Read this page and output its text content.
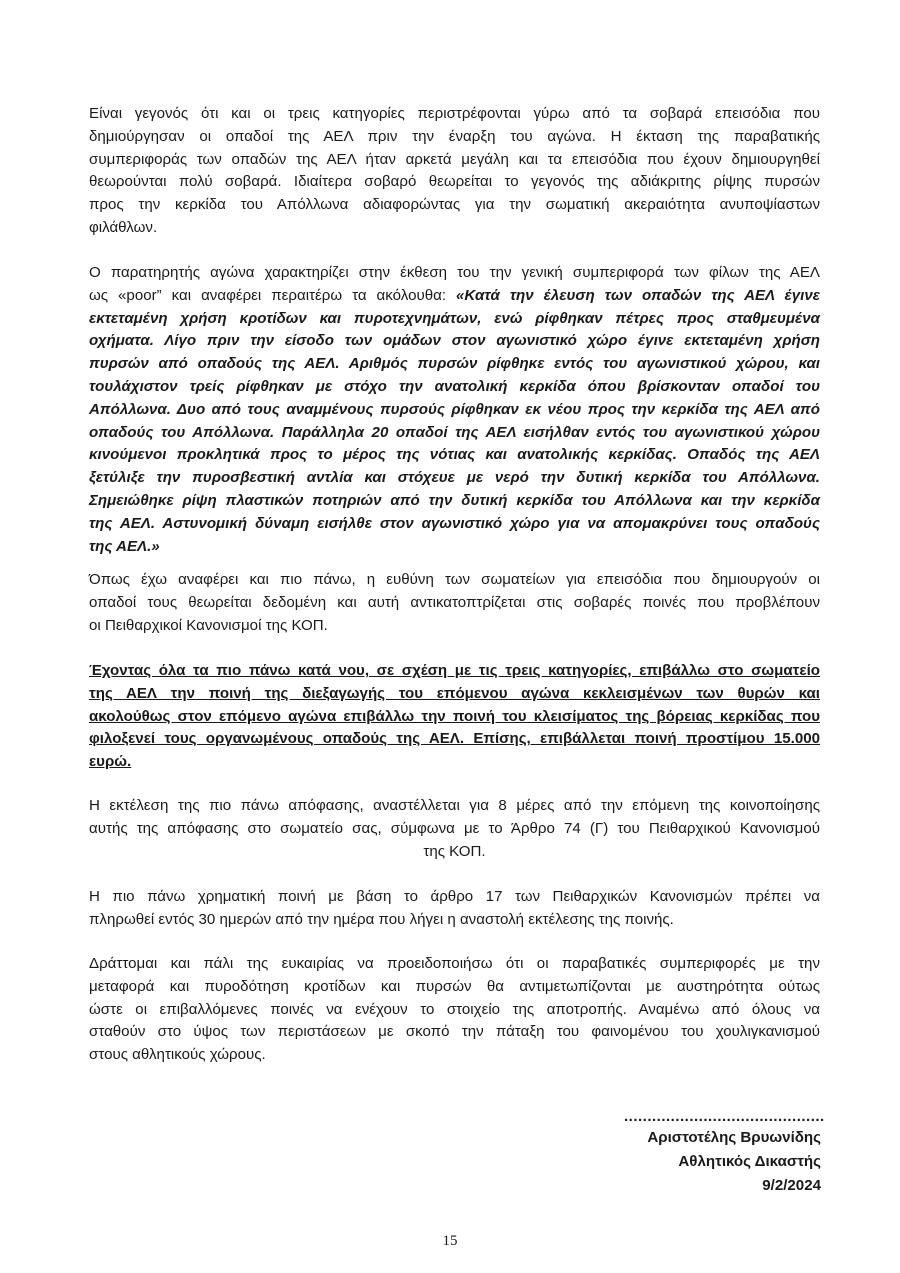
Είναι γεγονός ότι και οι τρεις κατηγορίες περιστρέφονται γύρω από τα σοβαρά επεισόδια που
δημιούργησαν οι οπαδοί της ΑΕΛ πριν την έναρξη του αγώνα. Η έκταση της παραβατικής
συμπεριφοράς των οπαδών της ΑΕΛ ήταν αρκετά μεγάλη και τα επεισόδια που έχουν δημιουργηθεί
θεωρούνται πολύ σοβαρά. Ιδιαίτερα σοβαρό θεωρείται το γεγονός της αδιάκριτης ρίψης πυρσών
προς την κερκίδα του Απόλλωνα αδιαφορώντας για την σωματική ακεραιότητα ανυποψίαστων
φιλάθλων.
Ο παρατηρητής αγώνα χαρακτηρίζει στην έκθεση του την γενική συμπεριφορά των φίλων της ΑΕΛ
ως «poor” και αναφέρει περαιτέρω τα ακόλουθα: «Κατά την έλευση των οπαδών της ΑΕΛ έγινε
εκτεταμένη χρήση κροτίδων και πυροτεχνημάτων, ενώ ρίφθηκαν πέτρες προς σταθμευμένα
οχήματα. Λίγο πριν την είσοδο των ομάδων στον αγωνιστικό χώρο έγινε εκτεταμένη χρήση
πυρσών από οπαδούς της ΑΕΛ. Αριθμός πυρσών ρίφθηκε εντός του αγωνιστικού χώρου, και
τουλάχιστον τρείς ρίφθηκαν με στόχο την ανατολική κερκίδα όπου βρίσκονταν οπαδοί του
Απόλλωνα. Δυο από τους αναμμένους πυρσούς ρίφθηκαν εκ νέου προς την κερκίδα της ΑΕΛ από
οπαδούς του Απόλλωνα. Παράλληλα 20 οπαδοί της ΑΕΛ εισήλθαν εντός του αγωνιστικού χώρου
κινούμενοι προκλητικά προς το μέρος της νότιας και ανατολικής κερκίδας. Οπαδός της ΑΕΛ
ξετύλιξε την πυροσβεστική αντλία και στόχευε με νερό την δυτική κερκίδα του Απόλλωνα.
Σημειώθηκε ρίψη πλαστικών ποτηριών από την δυτική κερκίδα του Απόλλωνα και την κερκίδα
της ΑΕΛ. Αστυνομική δύναμη εισήλθε στον αγωνιστικό χώρο για να απομακρύνει τους οπαδούς
της ΑΕΛ.»
Όπως έχω αναφέρει και πιο πάνω, η ευθύνη των σωματείων για επεισόδια που δημιουργούν οι
οπαδοί τους θεωρείται δεδομένη και αυτή αντικατοπτρίζεται στις σοβαρές ποινές που προβλέπουν
οι Πειθαρχικοί Κανονισμοί της ΚΟΠ.
Έχοντας όλα τα πιο πάνω κατά νου, σε σχέση με τις τρεις κατηγορίες, επιβάλλω στο σωματείο
της ΑΕΛ την ποινή της διεξαγωγής του επόμενου αγώνα κεκλεισμένων των θυρών και
ακολούθως στον επόμενο αγώνα επιβάλλω την ποινή του κλεισίματος της βόρειας κερκίδας που
φιλοξενεί τους οργανωμένους οπαδούς της ΑΕΛ. Επίσης, επιβάλλεται ποινή προστίμου 15.000
ευρώ.
Η εκτέλεση της πιο πάνω απόφασης, αναστέλλεται για 8 μέρες από την επόμενη της κοινοποίησης
αυτής της απόφασης στο σωματείο σας, σύμφωνα με το Άρθρο 74 (Γ) του Πειθαρχικού Κανονισμού
της ΚΟΠ.
Η πιο πάνω χρηματική ποινή με βάση το άρθρο 17 των Πειθαρχικών Κανονισμών πρέπει να
πληρωθεί εντός 30 ημερών από την ημέρα που λήγει η αναστολή εκτέλεσης της ποινής.
Δράττομαι και πάλι της ευκαιρίας να προειδοποιήσω ότι οι παραβατικές συμπεριφορές με την
μεταφορά και πυροδότηση κροτίδων και πυρσών θα αντιμετωπίζονται με αυστηρότητα ούτως
ώστε οι επιβαλλόμενες ποινές να ενέχουν το στοιχείο της αποτροπής. Αναμένω από όλους να
σταθούν στο ύψος των περιστάσεων με σκοπό την πάταξη του φαινομένου του χουλιγκανισμού
στους αθλητικούς χώρους.
...........................................
Αριστοτέλης Βρυωνίδης
Αθλητικός Δικαστής
9/2/2024
15
